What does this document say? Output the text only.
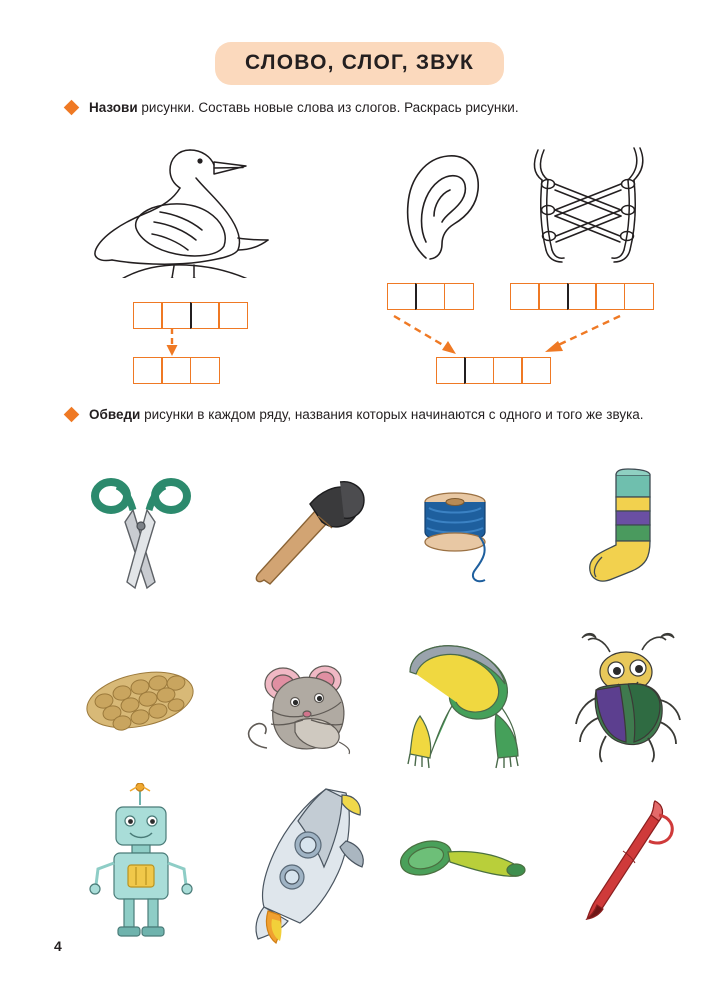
СЛОВО, СЛОГ, ЗВУК
Назови рисунки. Составь новые слова из слогов. Раскрась рисунки.
Обведи рисунки в каждом ряду, названия которых начинаются с одного и того же звука.
4
